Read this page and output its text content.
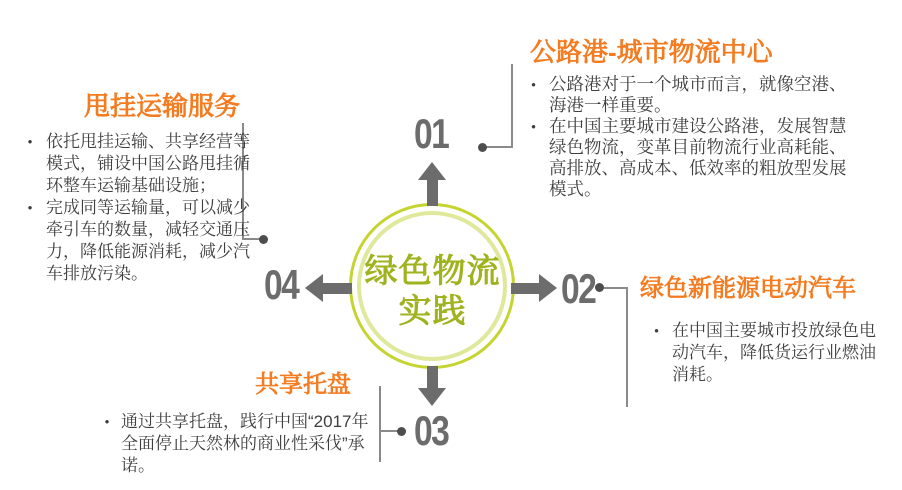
绿色物流
实践
01
02
03
04
甩挂运输服务
• 依托甩挂运输、共享经营等模式，铺设中国公路甩挂循环整车运输基础设施；
• 完成同等运输量，可以减少牵引车的数量，减轻交通压力，降低能源消耗，减少汽车排放污染。
公路港-城市物流中心
• 公路港对于一个城市而言，就像空港、海港一样重要。
• 在中国主要城市建设公路港，发展智慧绿色物流，变革目前物流行业高耗能、高排放、高成本、低效率的粗放型发展模式。
绿色新能源电动汽车
• 在中国主要城市投放绿色电动汽车，降低货运行业燃油消耗。
共享托盘
• 通过共享托盘，践行中国“2017年全面停止天然林的商业性采伐”承诺。
